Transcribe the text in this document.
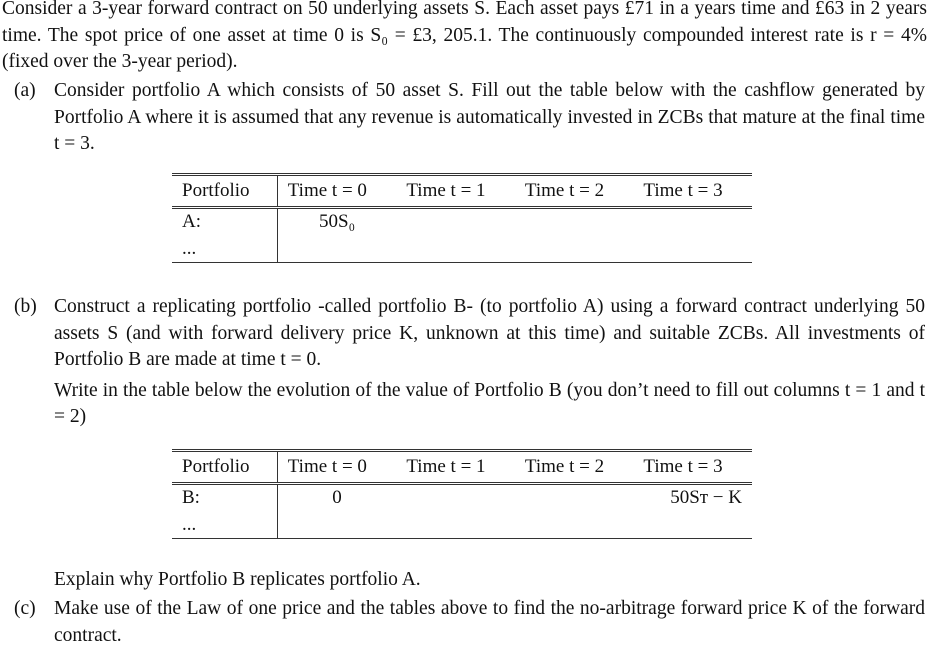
Consider a 3-year forward contract on 50 underlying assets S. Each asset pays £71 in a years time and £63 in 2 years time. The spot price of one asset at time 0 is S₀ = £3, 205.1. The continuously compounded interest rate is r = 4% (fixed over the 3-year period).
(a) Consider portfolio A which consists of 50 asset S. Fill out the table below with the cashflow generated by Portfolio A where it is assumed that any revenue is automatically invested in ZCBs that mature at the final time t = 3.
Portfolio	Time t = 0	Time t = 1	Time t = 2	Time t = 3
A:	50S₀			
...				
(b) Construct a replicating portfolio -called portfolio B- (to portfolio A) using a forward contract underlying 50 assets S (and with forward delivery price K, unknown at this time) and suitable ZCBs. All investments of Portfolio B are made at time t = 0.
Write in the table below the evolution of the value of Portfolio B (you don’t need to fill out columns t = 1 and t = 2)
Portfolio	Time t = 0	Time t = 1	Time t = 2	Time t = 3
B:	0			50Sᴛ − K
...				
Explain why Portfolio B replicates portfolio A.
(c) Make use of the Law of one price and the tables above to find the no-arbitrage forward price K of the forward contract.
